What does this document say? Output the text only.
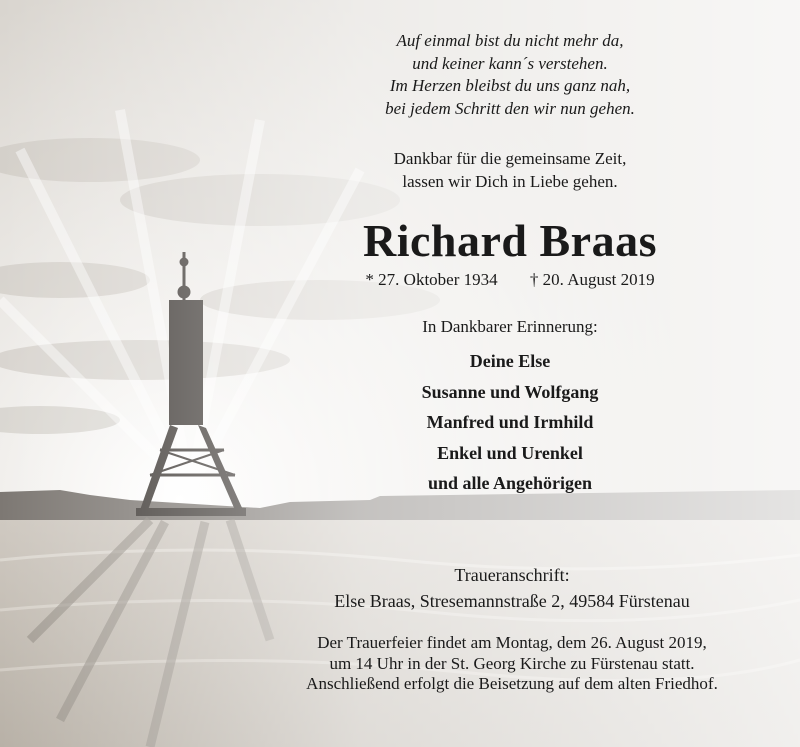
Auf einmal bist du nicht mehr da,
und keiner kann´s verstehen.
Im Herzen bleibst du uns ganz nah,
bei jedem Schritt den wir nun gehen.
Dankbar für die gemeinsame Zeit,
lassen wir Dich in Liebe gehen.
Richard Braas
* 27. Oktober 1934 † 20. August 2019
In Dankbarer Erinnerung:
Deine Else
Susanne und Wolfgang
Manfred und Irmhild
Enkel und Urenkel
und alle Angehörigen
Traueranschrift:
Else Braas, Stresemannstraße 2, 49584 Fürstenau
Der Trauerfeier findet am Montag, dem 26. August 2019,
um 14 Uhr in der St. Georg Kirche zu Fürstenau statt.
Anschließend erfolgt die Beisetzung auf dem alten Friedhof.
